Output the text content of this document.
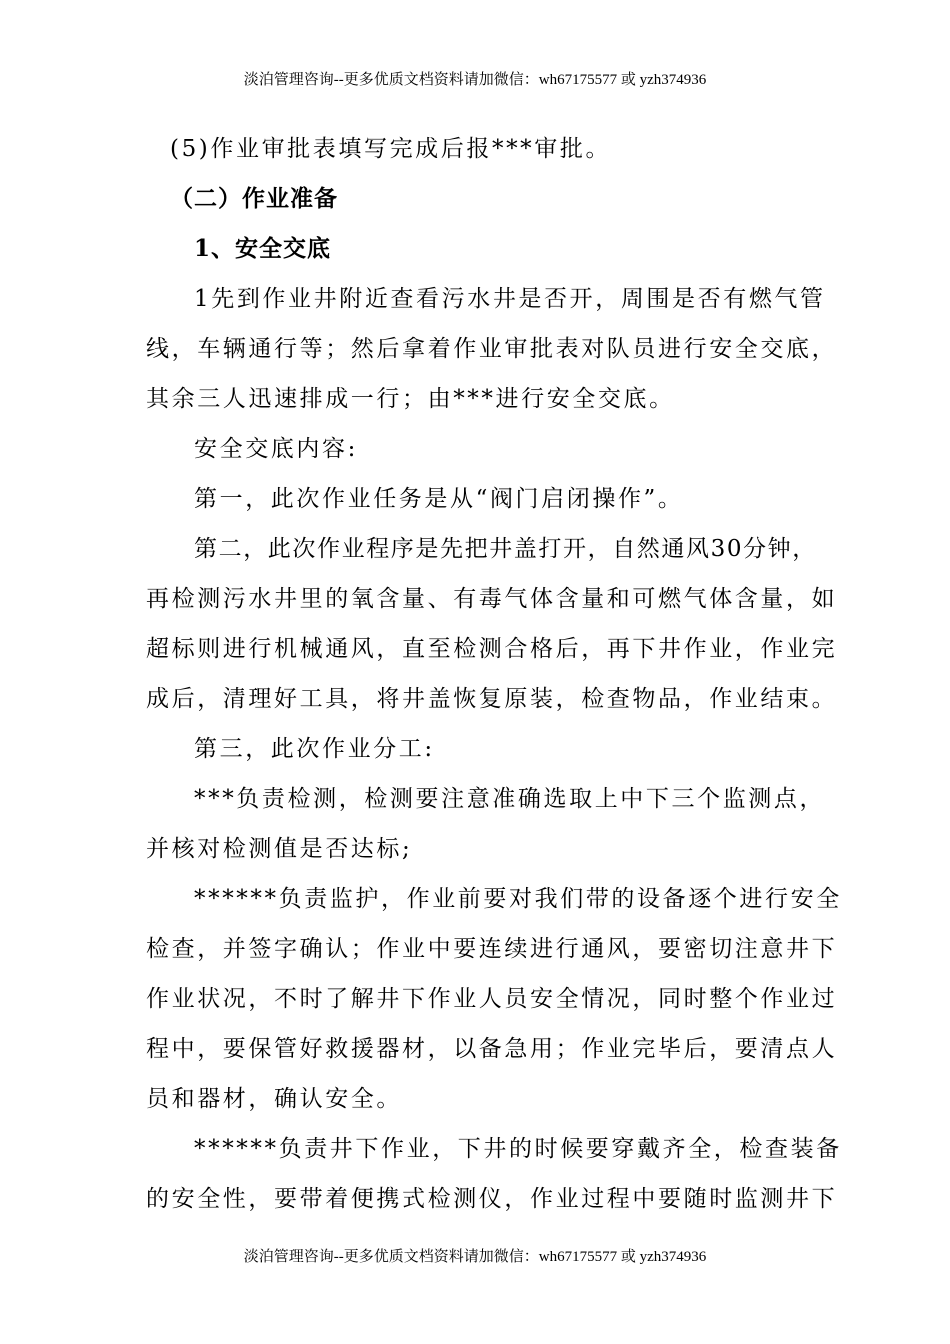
淡泊管理咨询--更多优质文档资料请加微信：wh67175577 或 yzh374936
(5)作业审批表填写完成后报***审批。
（二）作业准备
1、安全交底
1先到作业井附近查看污水井是否开，周围是否有燃气管
线，车辆通行等；然后拿着作业审批表对队员进行安全交底，
其余三人迅速排成一行；由***进行安全交底。
安全交底内容:
第一，此次作业任务是从“阀门启闭操作”。
第二，此次作业程序是先把井盖打开，自然通风30分钟，
再检测污水井里的氧含量、有毒气体含量和可燃气体含量，如
超标则进行机械通风，直至检测合格后，再下井作业，作业完
成后，清理好工具，将井盖恢复原装，检查物品，作业结束。
第三，此次作业分工:
***负责检测，检测要注意准确选取上中下三个监测点，
并核对检测值是否达标;
******负责监护，作业前要对我们带的设备逐个进行安全
检查，并签字确认；作业中要连续进行通风，要密切注意井下
作业状况，不时了解井下作业人员安全情况，同时整个作业过
程中，要保管好救援器材，以备急用；作业完毕后，要清点人
员和器材，确认安全。
******负责井下作业，下井的时候要穿戴齐全，检查装备
的安全性，要带着便携式检测仪，作业过程中要随时监测井下
淡泊管理咨询--更多优质文档资料请加微信：wh67175577 或 yzh374936
